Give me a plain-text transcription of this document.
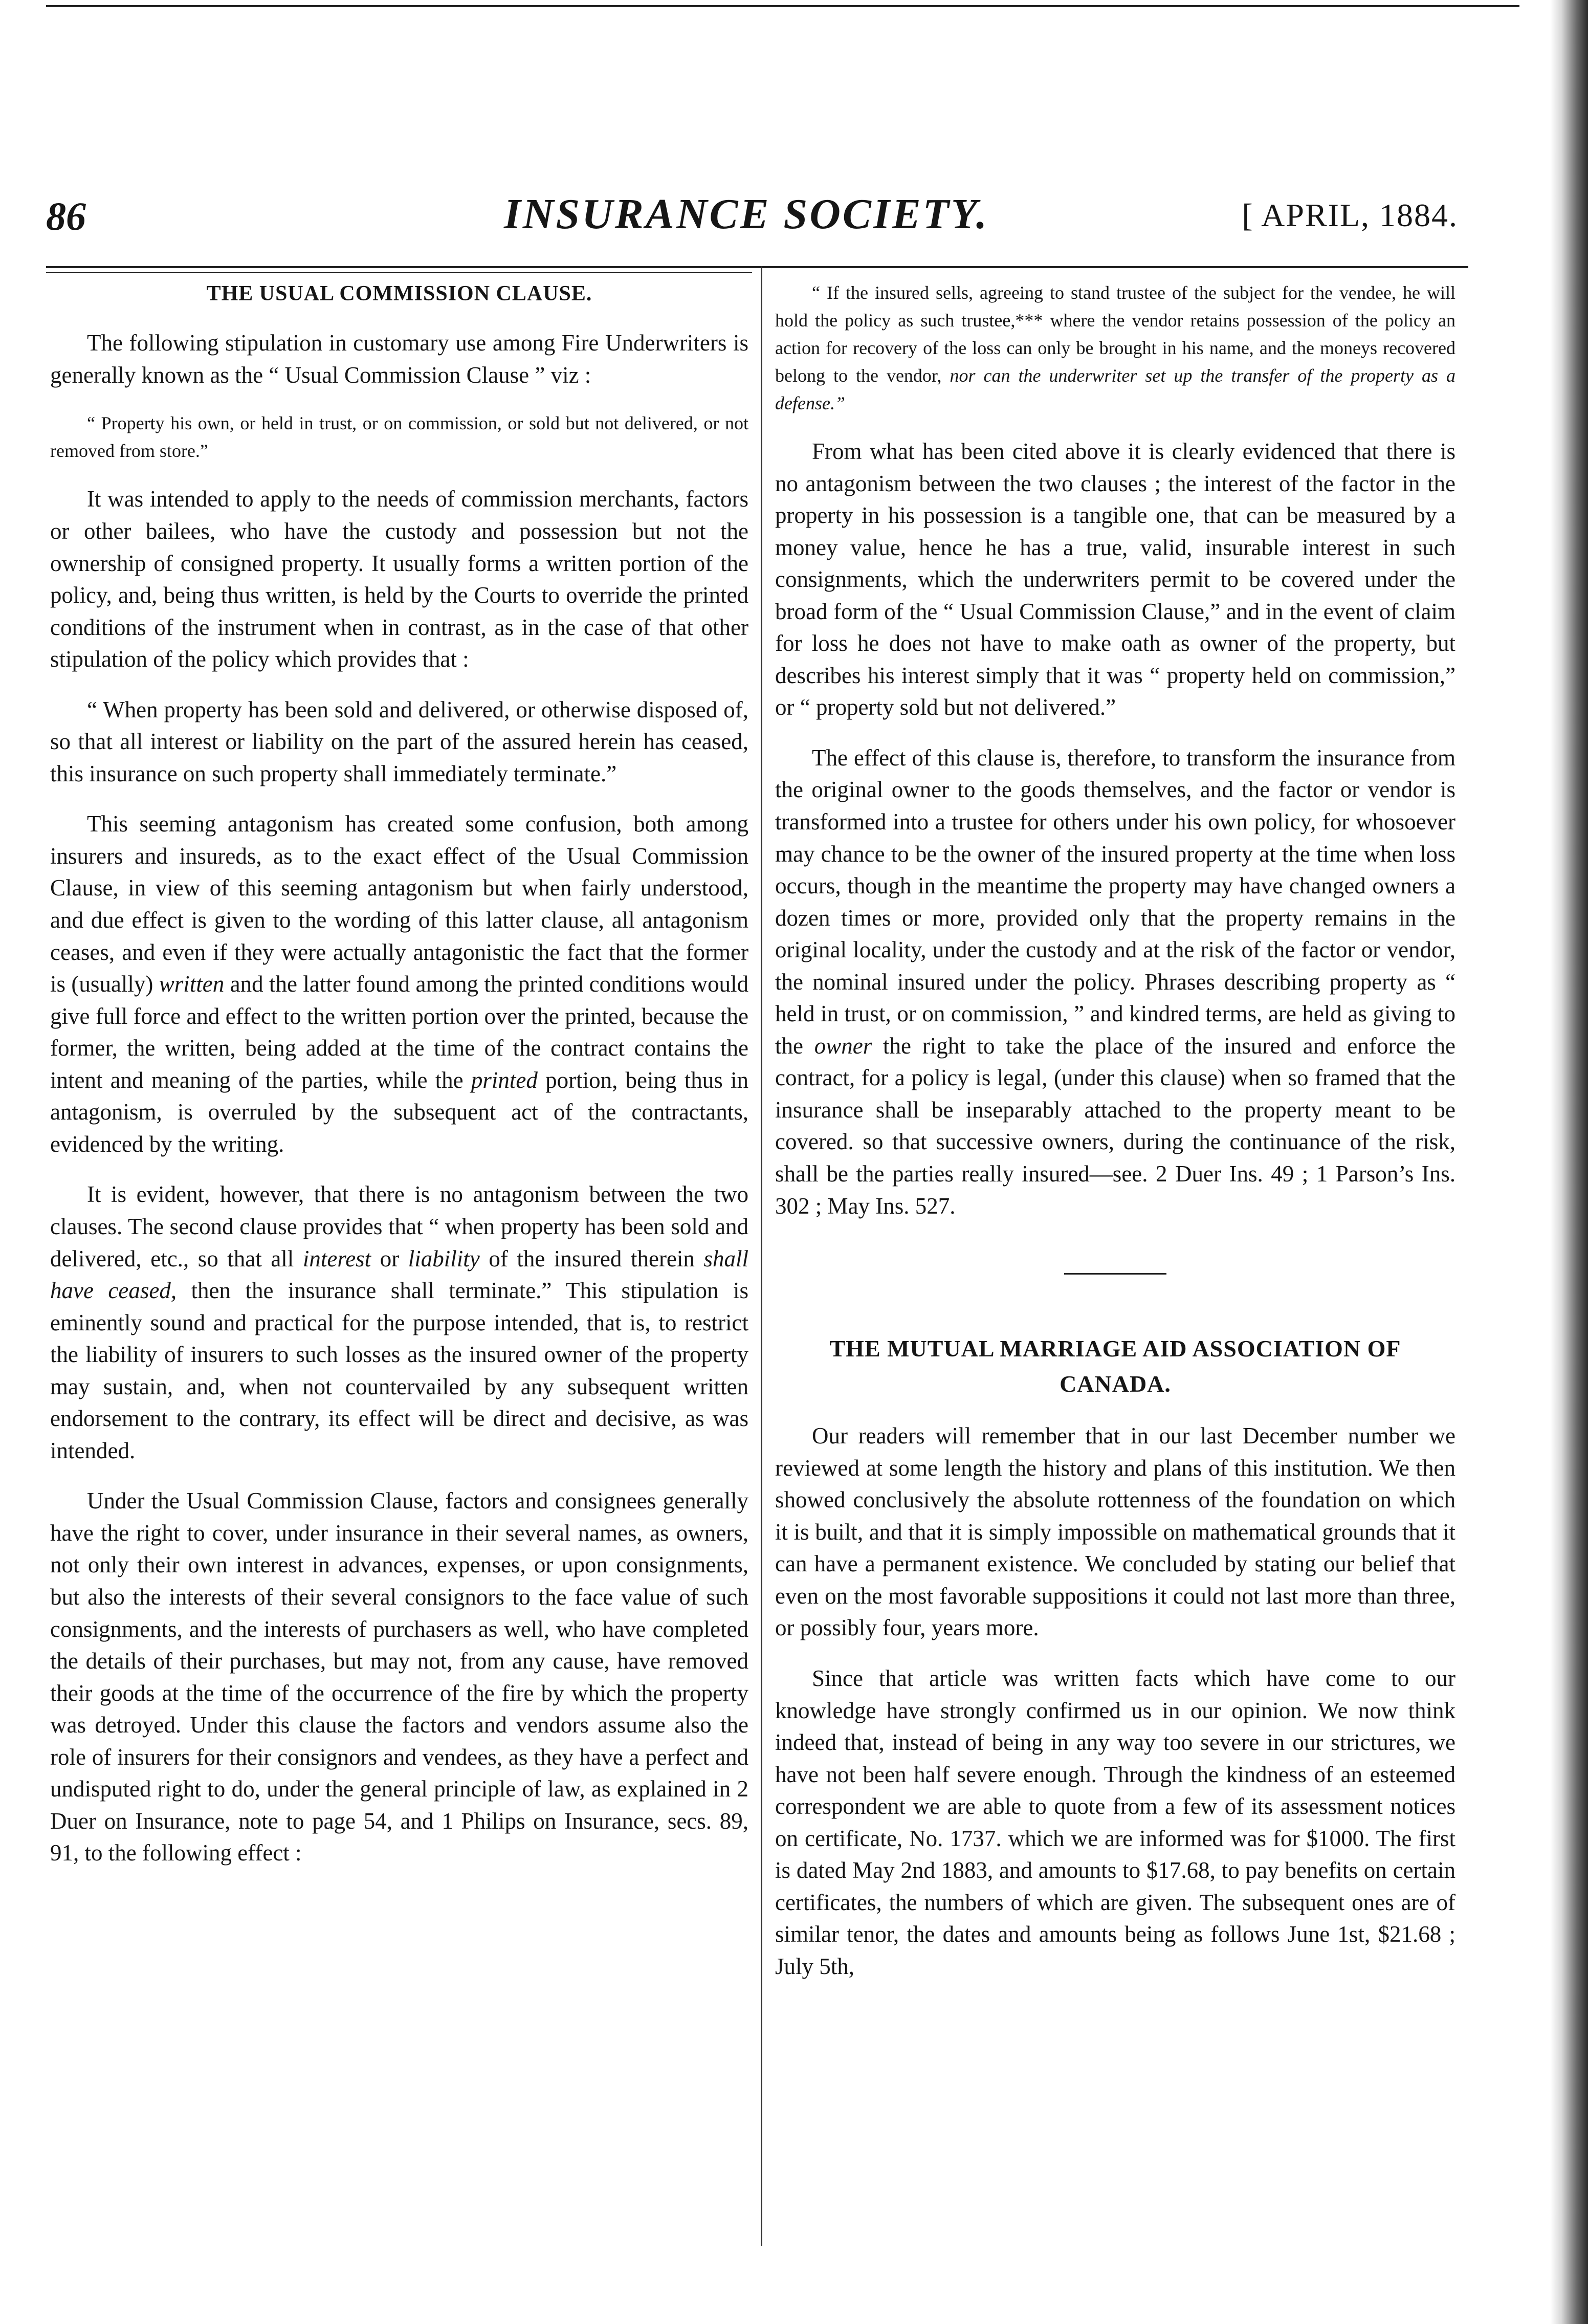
86	INSURANCE SOCIETY.	[ APRIL, 1884.
THE USUAL COMMISSION CLAUSE.

The following stipulation in customary use among Fire Underwriters is generally known as the “ Usual Commission Clause ” viz :

“ Property his own, or held in trust, or on commission, or sold but not delivered, or not removed from store.”

It was intended to apply to the needs of commission merchants, factors or other bailees, who have the custody and possession but not the ownership of consigned property. It usually forms a written portion of the policy, and, being thus written, is held by the Courts to override the printed conditions of the instrument when in contrast, as in the case of that other stipulation of the policy which provides that :

“ When property has been sold and delivered, or otherwise disposed of, so that all interest or liability on the part of the assured herein has ceased, this insurance on such property shall immediately terminate.”

This seeming antagonism has created some confusion, both among insurers and insureds, as to the exact effect of the Usual Commission Clause, in view of this seeming antagonism but when fairly understood, and due effect is given to the wording of this latter clause, all antagonism ceases, and even if they were actually antagonistic the fact that the former is (usually) written and the latter found among the printed conditions would give full force and effect to the written portion over the printed, because the former, the written, being added at the time of the contract contains the intent and meaning of the parties, while the printed portion, being thus in antagonism, is overruled by the subsequent act of the contractants, evidenced by the writing.

It is evident, however, that there is no antagonism between the two clauses. The second clause provides that “ when property has been sold and delivered, etc., so that all interest or liability of the insured therein shall have ceased, then the insurance shall terminate.” This stipulation is eminently sound and practical for the purpose intended, that is, to restrict the liability of insurers to such losses as the insured owner of the property may sustain, and, when not countervailed by any subsequent written endorsement to the contrary, its effect will be direct and decisive, as was intended.

Under the Usual Commission Clause, factors and consignees generally have the right to cover, under insurance in their several names, as owners, not only their own interest in advances, expenses, or upon consignments, but also the interests of their several consignors to the face value of such consignments, and the interests of purchasers as well, who have completed the details of their purchases, but may not, from any cause, have removed their goods at the time of the occurrence of the fire by which the property was detroyed. Under this clause the factors and vendors assume also the role of insurers for their consignors and vendees, as they have a perfect and undisputed right to do, under the general principle of law, as explained in 2 Duer on Insurance, note to page 54, and 1 Philips on Insurance, secs. 89, 91, to the following effect :

“ If the insured sells, agreeing to stand trustee of the subject for the vendee, he will hold the policy as such trustee,*** where the vendor retains possession of the policy an action for recovery of the loss can only be brought in his name, and the moneys recovered belong to the vendor, nor can the underwriter set up the transfer of the property as a defense.”

From what has been cited above it is clearly evidenced that there is no antagonism between the two clauses ; the interest of the factor in the property in his possession is a tangible one, that can be measured by a money value, hence he has a true, valid, insurable interest in such consignments, which the underwriters permit to be covered under the broad form of the “ Usual Commission Clause,” and in the event of claim for loss he does not have to make oath as owner of the property, but describes his interest simply that it was “ property held on commission,” or “ property sold but not delivered.”

The effect of this clause is, therefore, to transform the insurance from the original owner to the goods themselves, and the factor or vendor is transformed into a trustee for others under his own policy, for whosoever may chance to be the owner of the insured property at the time when loss occurs, though in the meantime the property may have changed owners a dozen times or more, provided only that the property remains in the original locality, under the custody and at the risk of the factor or vendor, the nominal insured under the policy. Phrases describing property as “ held in trust, or on commission, ” and kindred terms, are held as giving to the owner the right to take the place of the insured and enforce the contract, for a policy is legal, (under this clause) when so framed that the insurance shall be inseparably attached to the property meant to be covered. so that successive owners, during the continuance of the risk, shall be the parties really insured—see. 2 Duer Ins. 49 ; 1 Parson’s Ins. 302 ; May Ins. 527.

THE MUTUAL MARRIAGE AID ASSOCIATION OF CANADA.

Our readers will remember that in our last December number we reviewed at some length the history and plans of this institution. We then showed conclusively the absolute rottenness of the foundation on which it is built, and that it is simply impossible on mathematical grounds that it can have a permanent existence. We concluded by stating our belief that even on the most favorable suppositions it could not last more than three, or possibly four, years more.

Since that article was written facts which have come to our knowledge have strongly confirmed us in our opinion. We now think indeed that, instead of being in any way too severe in our strictures, we have not been half severe enough. Through the kindness of an esteemed correspondent we are able to quote from a few of its assessment notices on certificate, No. 1737. which we are informed was for $1000. The first is dated May 2nd 1883, and amounts to $17.68, to pay benefits on certain certificates, the numbers of which are given. The subsequent ones are of similar tenor, the dates and amounts being as follows June 1st, $21.68 ; July 5th,
